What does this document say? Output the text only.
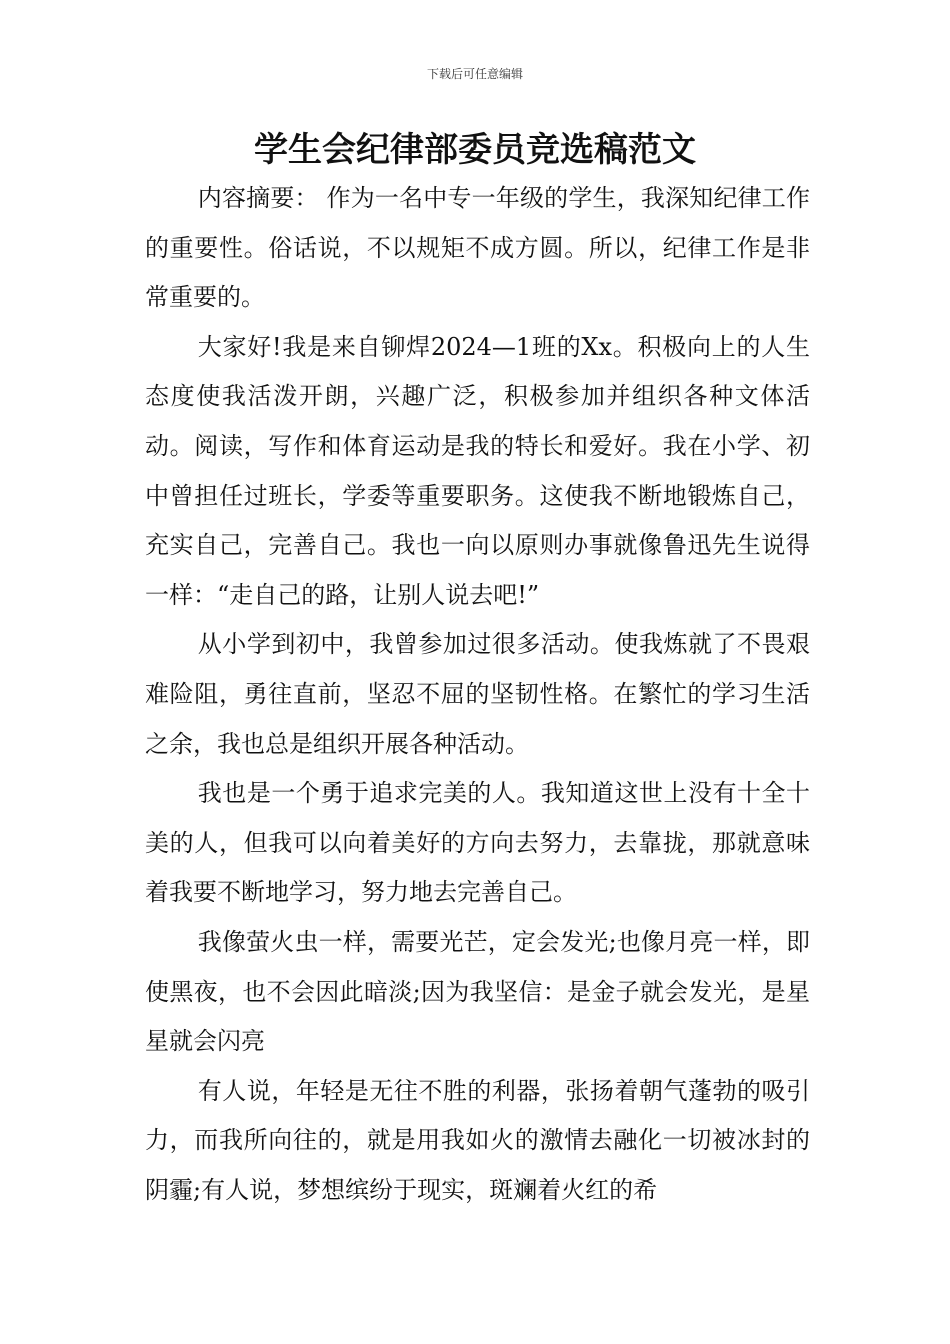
下载后可任意编辑
学生会纪律部委员竞选稿范文

内容摘要： 作为一名中专一年级的学生，我深知纪律工作的重要性。俗话说，不以规矩不成方圆。所以，纪律工作是非常重要的。

大家好!我是来自铆焊2024—1班的Xx。积极向上的人生态度使我活泼开朗，兴趣广泛，积极参加并组织各种文体活动。阅读，写作和体育运动是我的特长和爱好。我在小学、初中曾担任过班长，学委等重要职务。这使我不断地锻炼自己，充实自己，完善自己。我也一向以原则办事就像鲁迅先生说得一样：“走自己的路，让别人说去吧!”

从小学到初中，我曾参加过很多活动。使我炼就了不畏艰难险阻，勇往直前，坚忍不屈的坚韧性格。在繁忙的学习生活之余，我也总是组织开展各种活动。

我也是一个勇于追求完美的人。我知道这世上没有十全十美的人，但我可以向着美好的方向去努力，去靠拢，那就意味着我要不断地学习，努力地去完善自己。

我像萤火虫一样，需要光芒，定会发光;也像月亮一样，即使黑夜，也不会因此暗淡;因为我坚信：是金子就会发光，是星星就会闪亮

有人说，年轻是无往不胜的利器，张扬着朝气蓬勃的吸引力，而我所向往的，就是用我如火的激情去融化一切被冰封的阴霾;有人说，梦想缤纷于现实，斑斓着火红的希
